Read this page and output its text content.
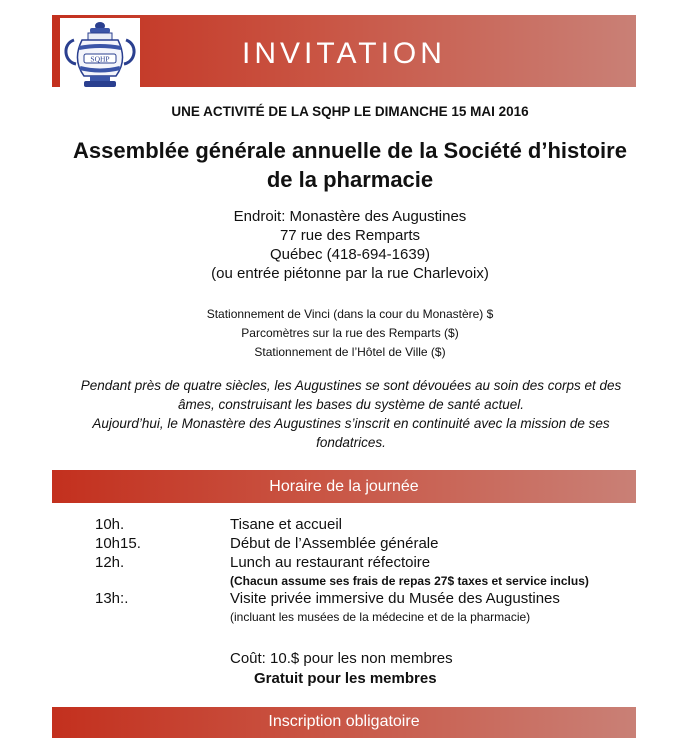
INVITATION
SQHP
UNE ACTIVITÉ DE LA SQHP LE DIMANCHE 15 MAI 2016
Assemblée générale annuelle de la Société d’histoire
de la pharmacie
Endroit: Monastère des Augustines
77 rue des Remparts
Québec (418-694-1639)
(ou entrée piétonne par la rue Charlevoix)
Stationnement de Vinci (dans la cour du Monastère) $
Parcomètres sur la rue des Remparts ($)
Stationnement de l’Hôtel de Ville ($)
Pendant près de quatre siècles, les Augustines se sont dévouées au soin des corps et des
âmes, construisant les bases du système de santé actuel.
Aujourd’hui, le Monastère des Augustines s’inscrit en continuité avec la mission de ses
fondatrices.
Horaire de la journée
10h.	Tisane et accueil
10h15.	Début de l’Assemblée générale
12h.	Lunch au restaurant réfectoire
(Chacun assume ses frais de repas 27$ taxes et service inclus)
13h:.	Visite privée immersive du Musée des Augustines
(incluant les musées de la médecine et de la pharmacie)
Coût: 10.$ pour les non membres
Gratuit pour les membres
Inscription obligatoire
